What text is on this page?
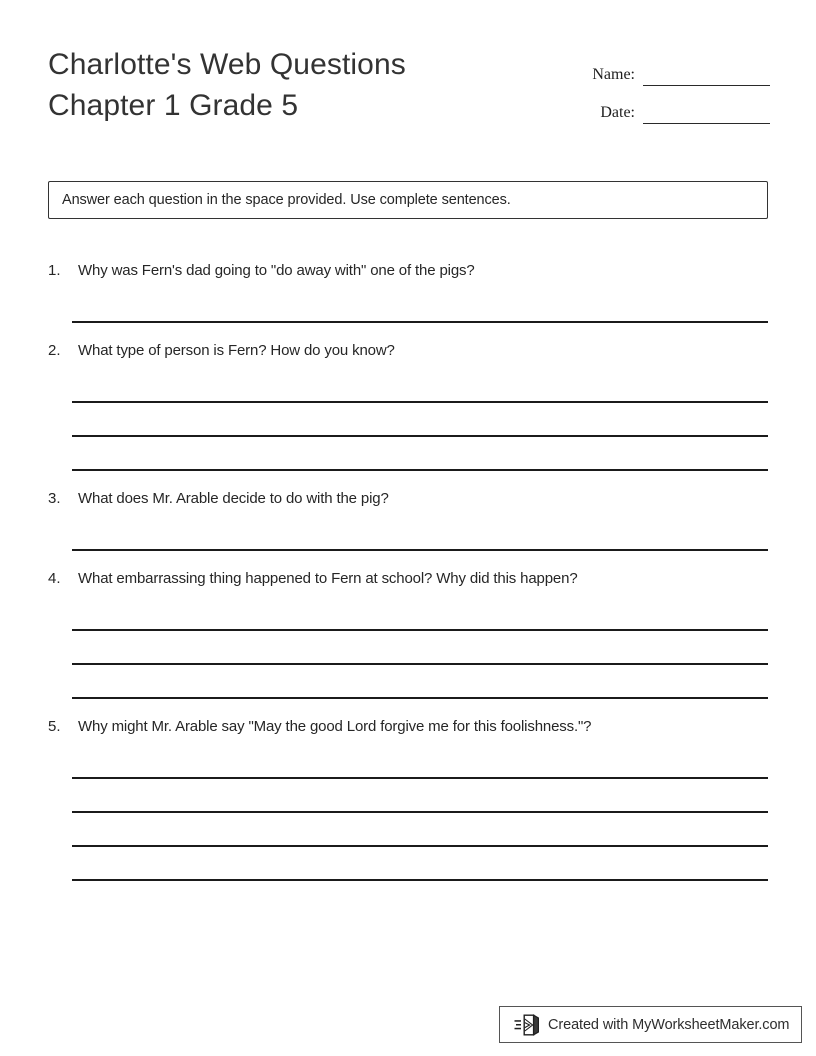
Charlotte's Web Questions
Chapter 1 Grade 5
Name:
Date:
Answer each question in the space provided. Use complete sentences.
1.	Why was Fern's dad going to "do away with" one of the pigs?
2.	What type of person is Fern? How do you know?
3.	What does Mr. Arable decide to do with the pig?
4.	What embarrassing thing happened to Fern at school? Why did this happen?
5.	Why might Mr. Arable say "May the good Lord forgive me for this foolishness."?
Created with MyWorksheetMaker.com
